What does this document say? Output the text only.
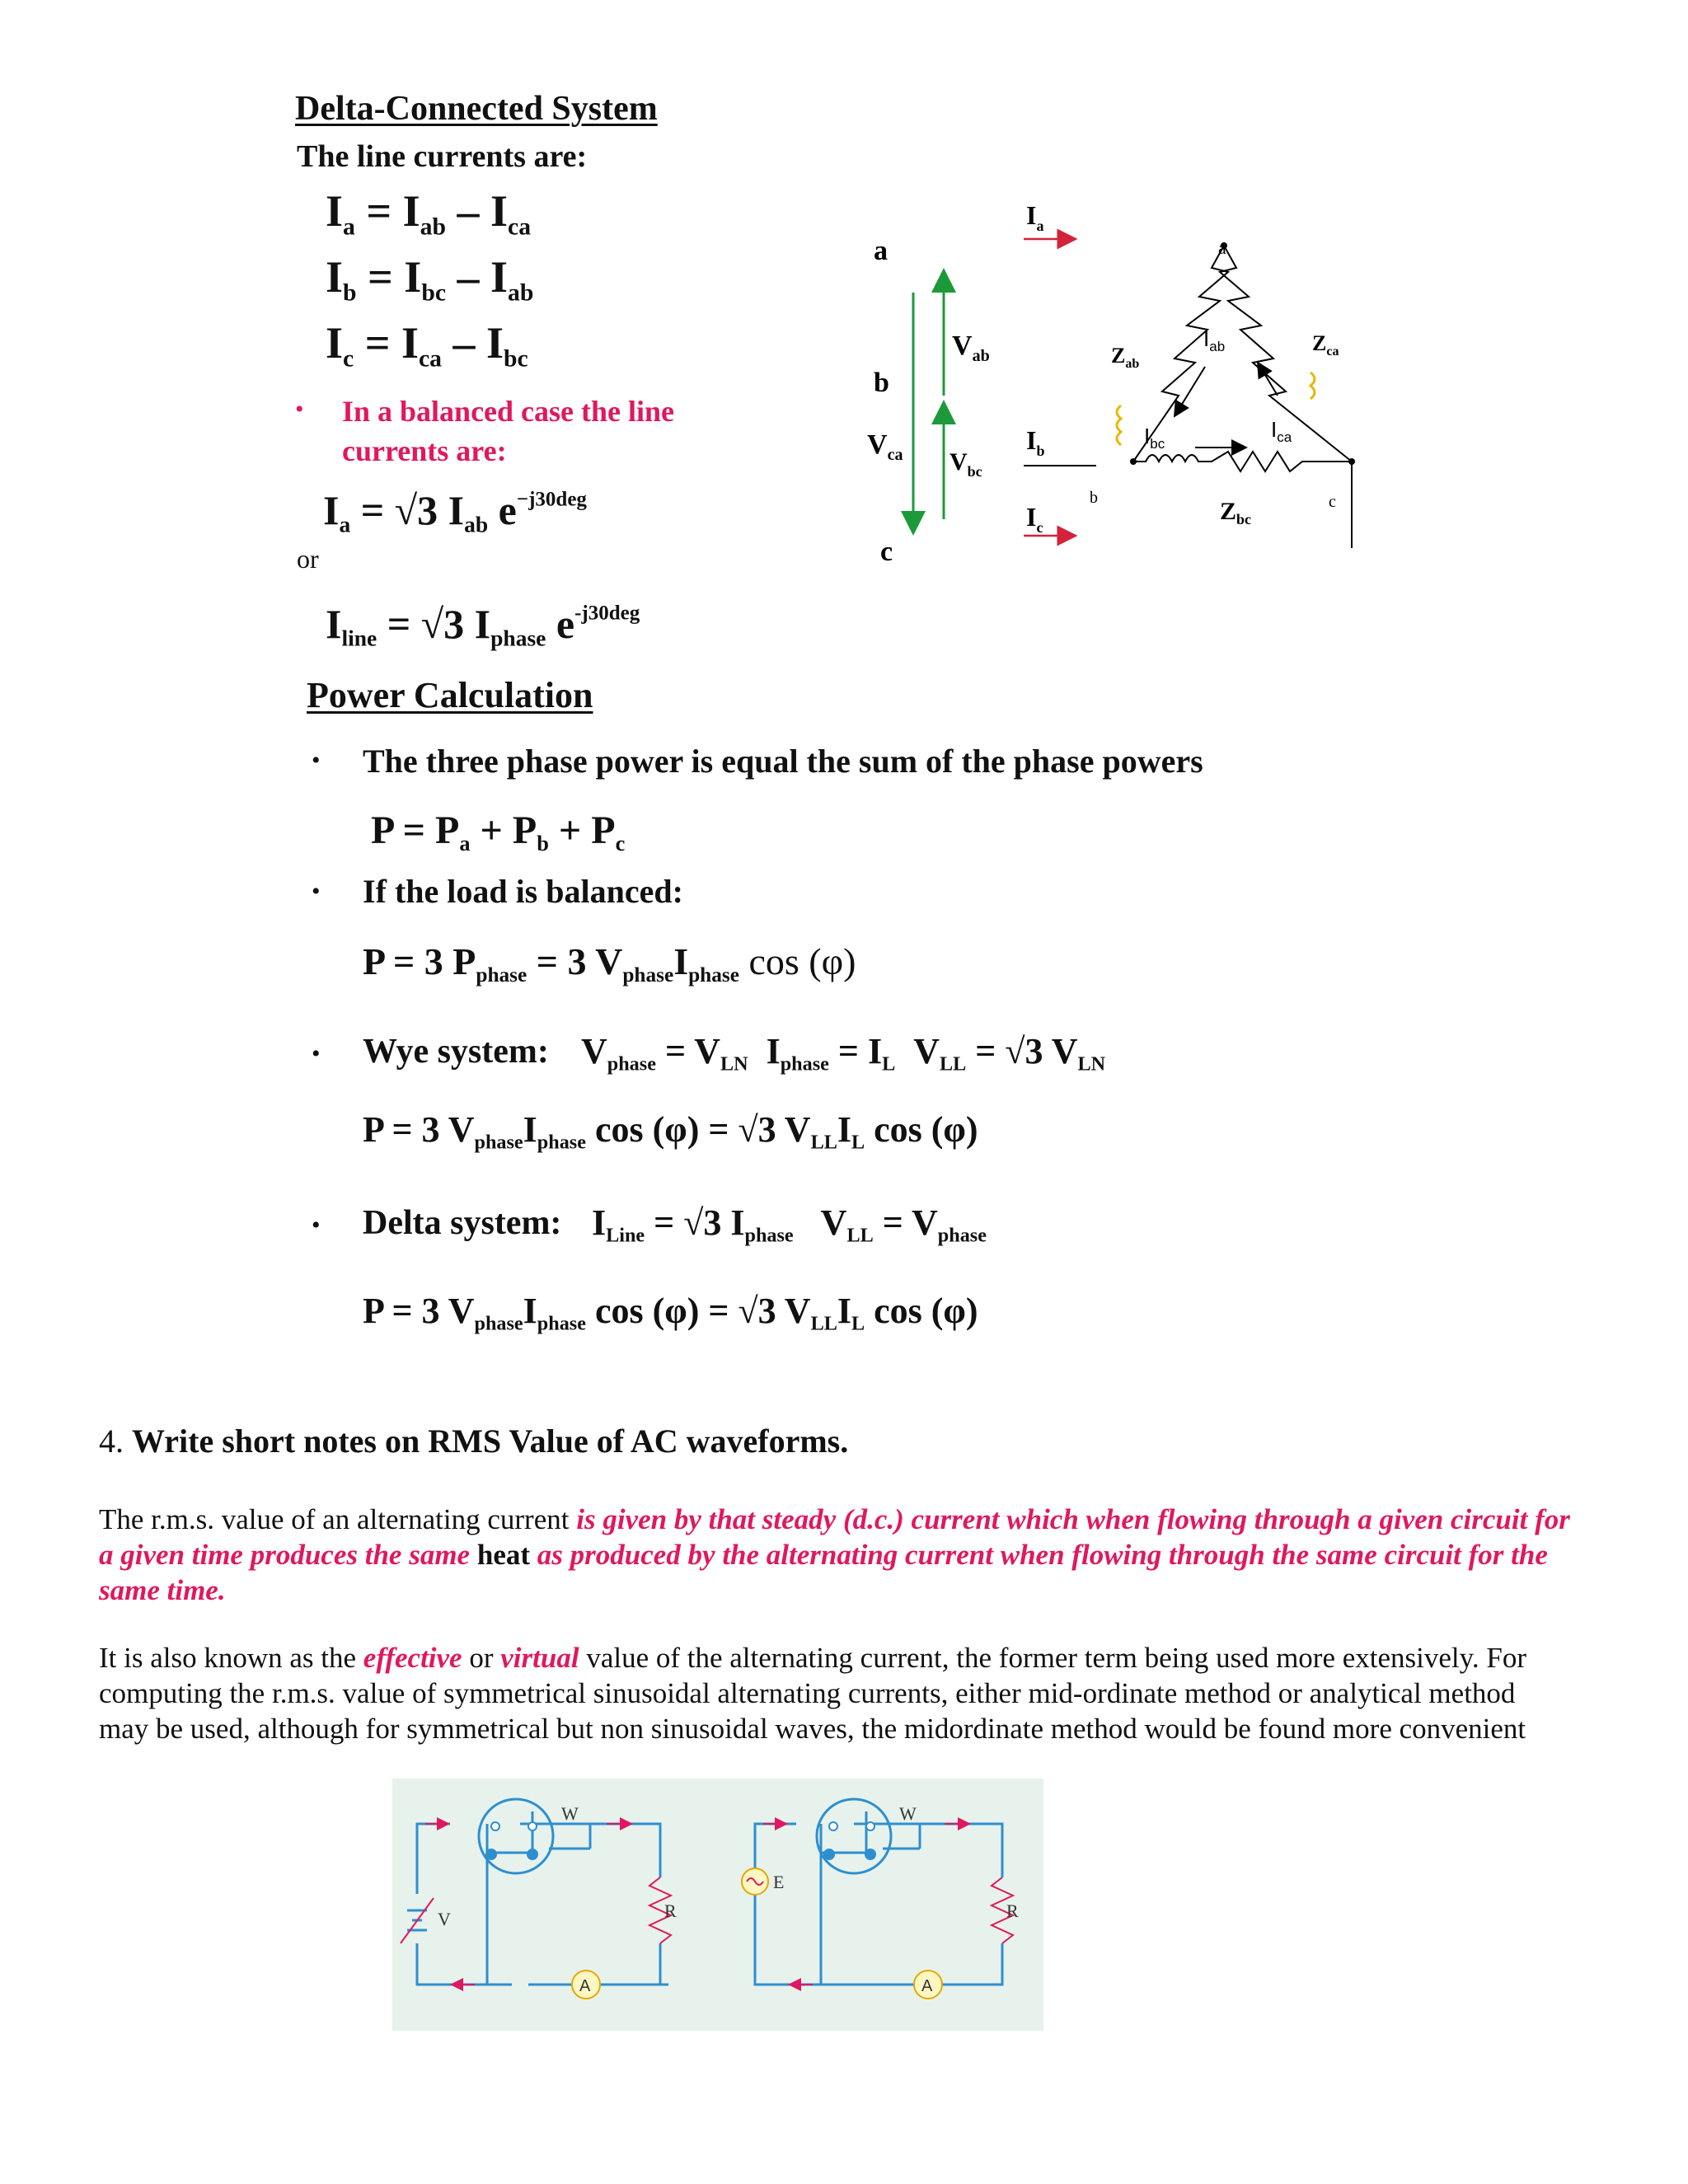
Delta-Connected System
The line currents are:
$I_a = I_{ab} - I_{ca}$
$I_b = I_{bc} - I_{ab}$
$I_c = I_{ca} - I_{bc}$
• In a balanced case the line
currents are:
$I_a = √3$ $I_{ab}$ $e^{-j30deg}$
or
$I_{line} = √3$ $I_{phase}$ $e^{-j30deg}$
a
b
c
$V_{ab}$
$V_{ca}$ $V_{bc}$
$I_a$
$I_b$
$I_c$
a
b	c
$I_{ab}$
$I_{ca}$
$I_{bc}$
$Z_{ab}$
$Z_{ca}$
$Z_{bc}$
Power Calculation
• The three phase power is equal the sum of the phase powers
$P = P_a + P_b + P_c$
• If the load is balanced:
P = 3 $P_{phase} = 3$ $V_{phase}I_{phase}$ cos (φ)
• Wye system: $V_{phase} = V_{LN}$ $I_{phase} = I_L$ $V_{LL} = √3$ $V_{LN}$
P = 3 $V_{phase}I_{phase}$ cos (φ) = √3 $V_{LL}I_L$ cos (φ)
• Delta system: $I_{Line} = √3$ $I_{phase}$ $V_{LL} = V_{phase}$
P = 3 $V_{phase}I_{phase}$ cos (φ) = √3 $V_{LL}I_L$ cos (φ)
4. Write short notes on RMS Value of AC waveforms.
The r.m.s. value of an alternating current is given by that steady (d.c.) current which when flowing through a given circuit for a given time produces the same heat as produced by the alternating current when flowing through the same circuit for the same time.
It is also known as the effective or virtual value of the alternating current, the former term being used more extensively. For computing the r.m.s. value of symmetrical sinusoidal alternating currents, either mid-ordinate method or analytical method may be used, although for symmetrical but non sinusoidal waves, the midordinate method would be found more convenient
W	W
V
E
R	R
A	A
